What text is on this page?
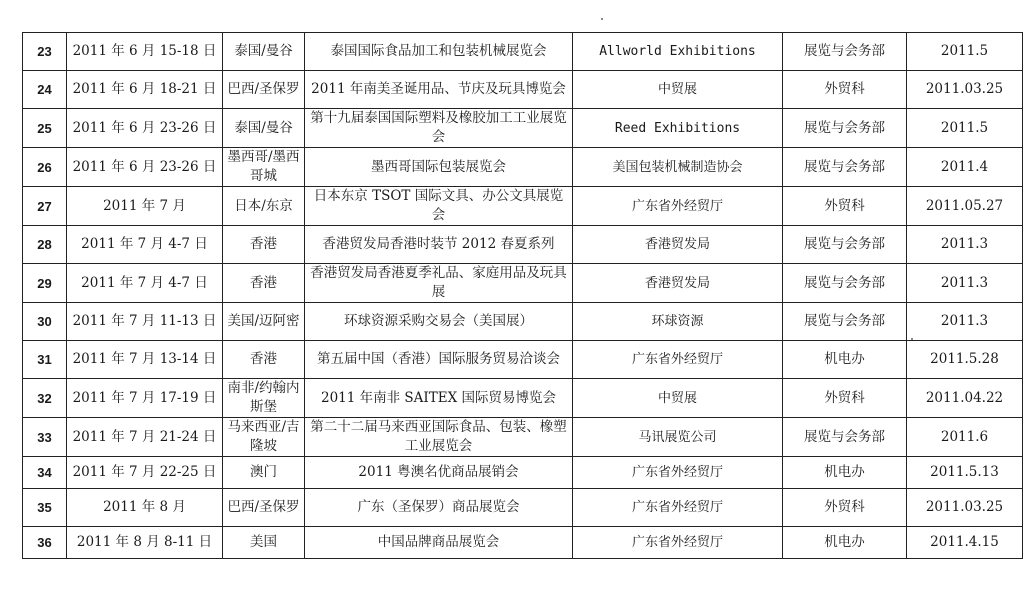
23	2011 年 6 月 15-18 日	泰国/曼谷	泰国国际食品加工和包装机械展览会	Allworld Exhibitions	展览与会务部	2011.5
24	2011 年 6 月 18-21 日	巴西/圣保罗	2011 年南美圣诞用品、节庆及玩具博览会	中贸展	外贸科	2011.03.25
25	2011 年 6 月 23-26 日	泰国/曼谷	第十九届泰国国际塑料及橡胶加工工业展览会	Reed Exhibitions	展览与会务部	2011.5
26	2011 年 6 月 23-26 日	墨西哥/墨西哥城	墨西哥国际包装展览会	美国包装机械制造协会	展览与会务部	2011.4
27	2011 年 7 月	日本/东京	日本东京 TSOT 国际文具、办公文具展览会	广东省外经贸厅	外贸科	2011.05.27
28	2011 年 7 月 4-7 日	香港	香港贸发局香港时装节 2012 春夏系列	香港贸发局	展览与会务部	2011.3
29	2011 年 7 月 4-7 日	香港	香港贸发局香港夏季礼品、家庭用品及玩具展	香港贸发局	展览与会务部	2011.3
30	2011 年 7 月 11-13 日	美国/迈阿密	环球资源采购交易会（美国展）	环球资源	展览与会务部	2011.3
31	2011 年 7 月 13-14 日	香港	第五届中国（香港）国际服务贸易洽谈会	广东省外经贸厅	机电办	2011.5.28
32	2011 年 7 月 17-19 日	南非/约翰内斯堡	2011 年南非 SAITEX 国际贸易博览会	中贸展	外贸科	2011.04.22
33	2011 年 7 月 21-24 日	马来西亚/吉隆坡	第二十二届马来西亚国际食品、包装、橡塑工业展览会	马讯展览公司	展览与会务部	2011.6
34	2011 年 7 月 22-25 日	澳门	2011 粤澳名优商品展销会	广东省外经贸厅	机电办	2011.5.13
35	2011 年 8 月	巴西/圣保罗	广东（圣保罗）商品展览会	广东省外经贸厅	外贸科	2011.03.25
36	2011 年 8 月 8-11 日	美国	中国品牌商品展览会	广东省外经贸厅	机电办	2011.4.15
